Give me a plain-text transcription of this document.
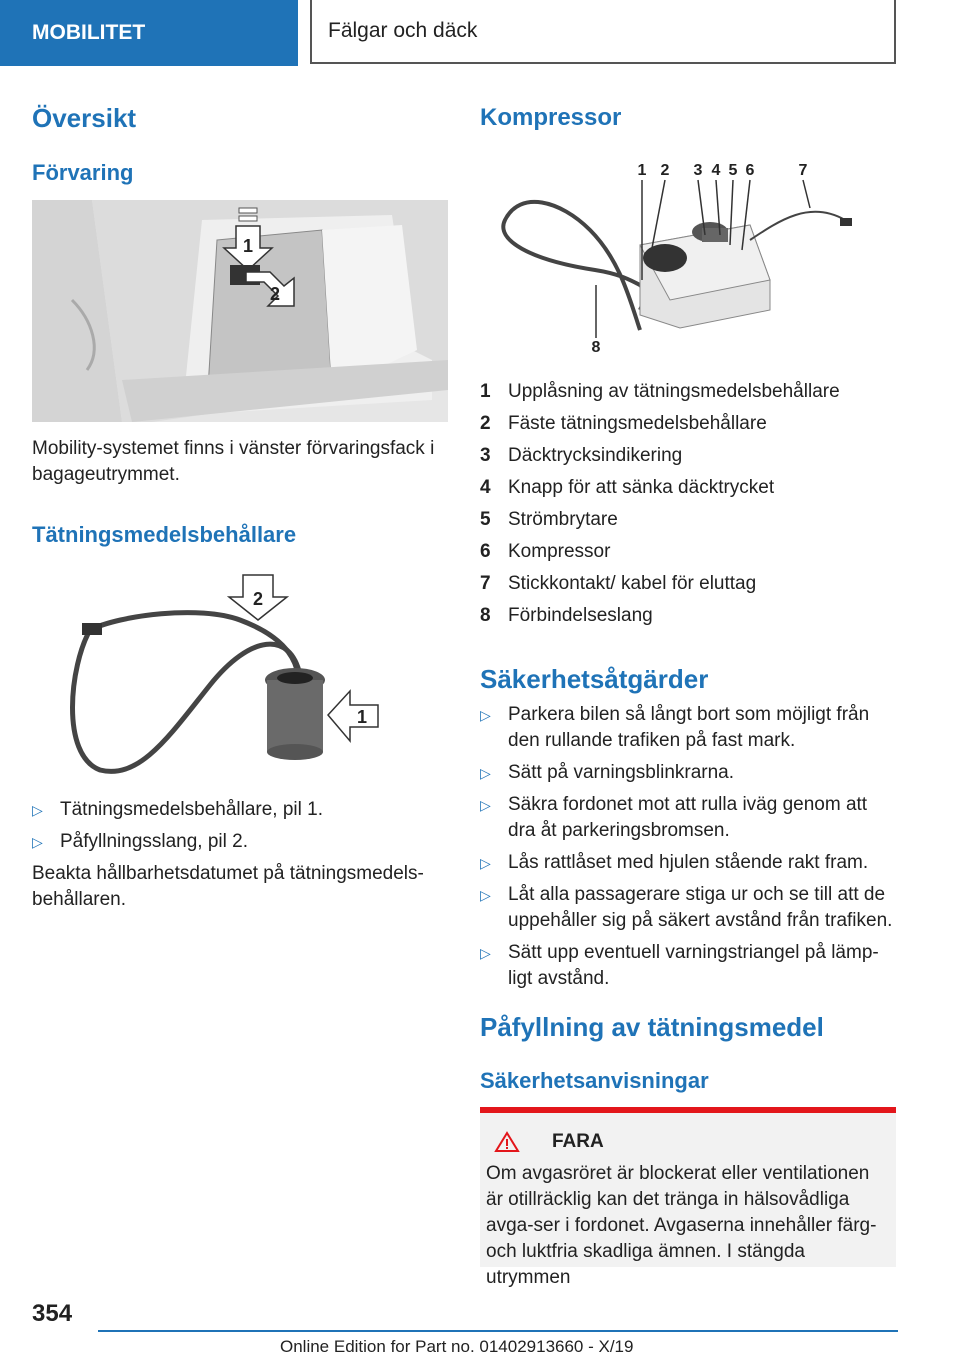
MOBILITET	Fälgar och däck
Översikt
Förvaring
1
2
Mobility-systemet finns i vänster förvaringsfack i bagageutrymmet.
Tätningsmedelsbehållare
2
1
▷ Tätningsmedelsbehållare, pil 1.
▷ Påfyllningsslang, pil 2.
Beakta hållbarhetsdatumet på tätningsmedels-behållaren.
Kompressor
1 2 3 4 5 6	7
8
1 Upplåsning av tätningsmedelsbehållare
2 Fäste tätningsmedelsbehållare
3 Däcktrycksindikering
4 Knapp för att sänka däcktrycket
5 Strömbrytare
6 Kompressor
7 Stickkontakt/ kabel för eluttag
8 Förbindelseslang
Säkerhetsåtgärder
▷ Parkera bilen så långt bort som möjligt från den rullande trafiken på fast mark.
▷ Sätt på varningsblinkrarna.
▷ Säkra fordonet mot att rulla iväg genom att dra åt parkeringsbromsen.
▷ Lås rattlåset med hjulen stående rakt fram.
▷ Låt alla passagerare stiga ur och se till att de uppehåller sig på säkert avstånd från trafiken.
▷ Sätt upp eventuell varningstriangel på lämp-ligt avstånd.
Påfyllning av tätningsmedel
Säkerhetsanvisningar
FARA
Om avgasröret är blockerat eller ventilationen är otillräcklig kan det tränga in hälsovådliga avga-ser i fordonet. Avgaserna innehåller färg- och luktfria skadliga ämnen. I stängda utrymmen
354
Online Edition for Part no. 01402913660 - X/19
